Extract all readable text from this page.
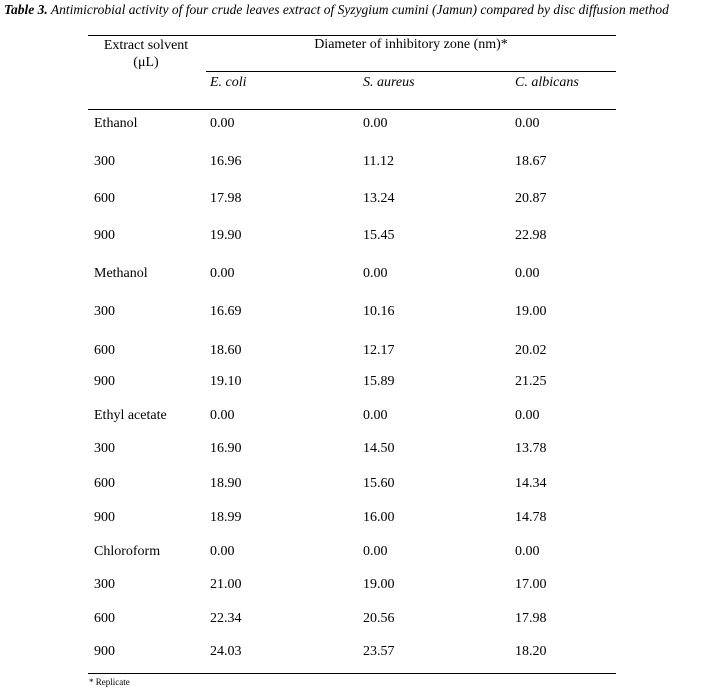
Table 3. Antimicrobial activity of four crude leaves extract of Syzygium cumini (Jamun) compared by disc diffusion method
Extract solvent
(μL)
Diameter of inhibitory zone (nm)*
E. coli	S. aureus	C. albicans
Ethanol	0.00	0.00	0.00
300	16.96	11.12	18.67
600	17.98	13.24	20.87
900	19.90	15.45	22.98
Methanol	0.00	0.00	0.00
300	16.69	10.16	19.00
600	18.60	12.17	20.02
900	19.10	15.89	21.25
Ethyl acetate	0.00	0.00	0.00
300	16.90	14.50	13.78
600	18.90	15.60	14.34
900	18.99	16.00	14.78
Chloroform	0.00	0.00	0.00
300	21.00	19.00	17.00
600	22.34	20.56	17.98
900	24.03	23.57	18.20
* Replicate
